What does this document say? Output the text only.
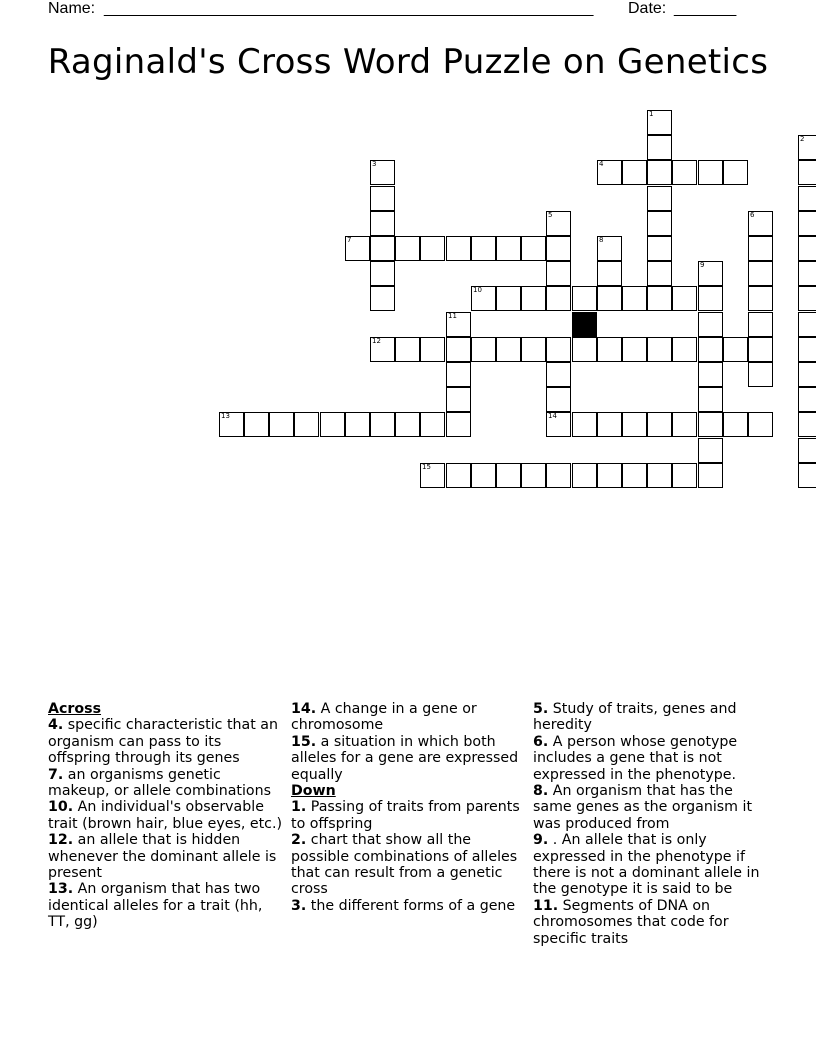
Name: _______________________________________________________ Date: _______
Raginald's Cross Word Puzzle on Genetics
1
2
3	4
5	6
7	8
9
10
11
12
13	14
15
Across

4. specific characteristic that an organism can pass to its offspring through its genes

7. an organisms genetic makeup, or allele combinations

10. An individual's observable trait (brown hair, blue eyes, etc.)

12. an allele that is hidden whenever the dominant allele is present

13. An organism that has two identical alleles for a trait (hh, TT, gg)

14. A change in a gene or chromosome

15. a situation in which both alleles for a gene are expressed equally

Down

1. Passing of traits from parents to offspring

2. chart that show all the possible combinations of alleles that can result from a genetic cross

3. the different forms of a gene

5. Study of traits, genes and heredity

6. A person whose genotype includes a gene that is not expressed in the phenotype.

8. An organism that has the same genes as the organism it was produced from

9. . An allele that is only expressed in the phenotype if there is not a dominant allele in the genotype it is said to be

11. Segments of DNA on chromosomes that code for specific traits
